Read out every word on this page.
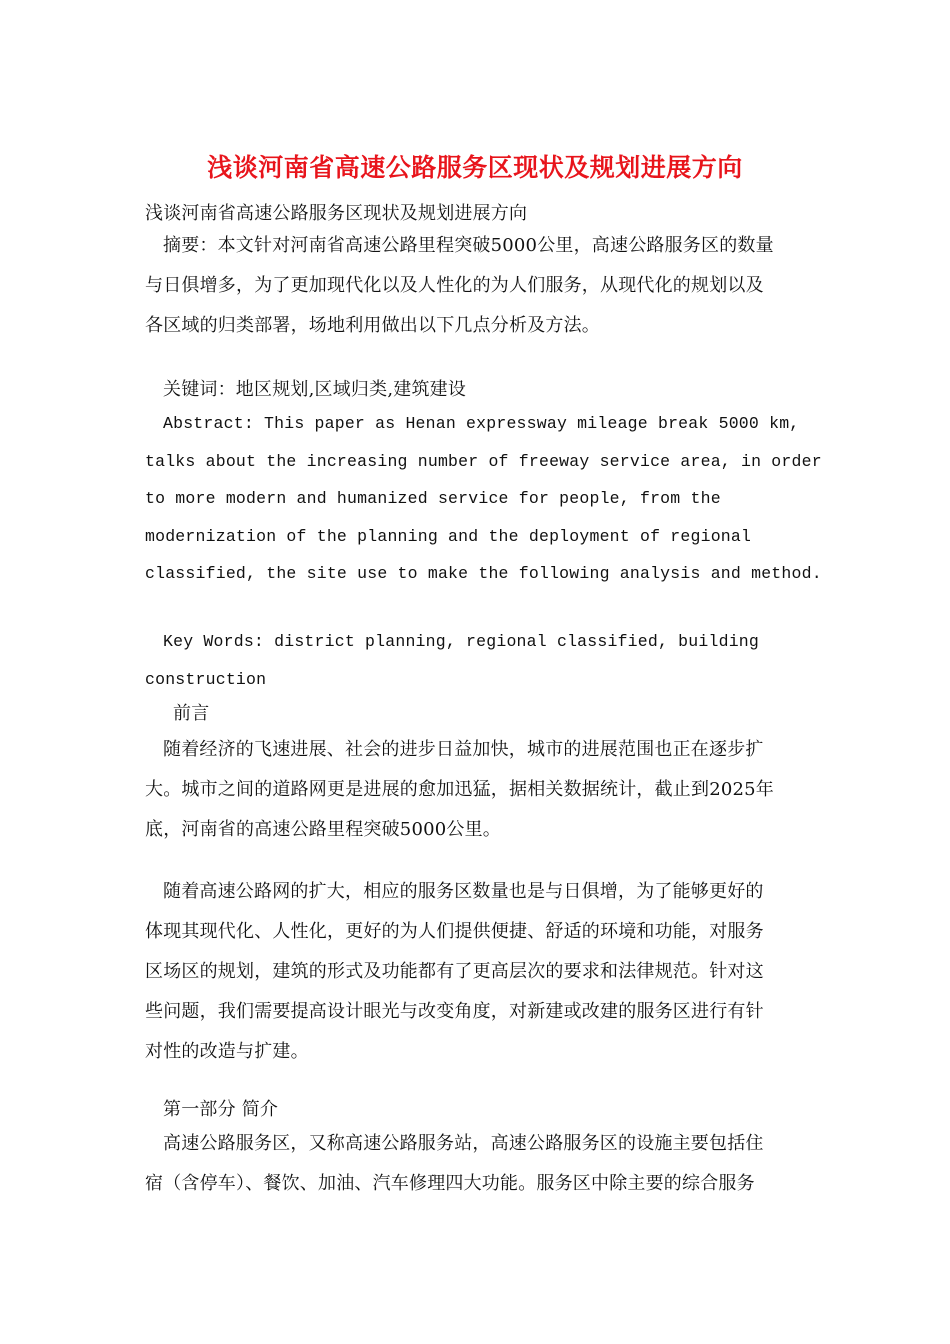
浅谈河南省高速公路服务区现状及规划进展方向
浅谈河南省高速公路服务区现状及规划进展方向
摘要：本文针对河南省高速公路里程突破5000公里，高速公路服务区的数量
与日俱增多，为了更加现代化以及人性化的为人们服务，从现代化的规划以及
各区域的归类部署，场地利用做出以下几点分析及方法。
关键词：地区规划,区域归类,建筑建设
Abstract: This paper as Henan expressway mileage break 5000 km,
talks about the increasing number of freeway service area, in order
to more modern and humanized service for people, from the
modernization of the planning and the deployment of regional
classified, the site use to make the following analysis and method.
Key Words: district planning, regional classified, building
construction
前言
随着经济的飞速进展、社会的进步日益加快，城市的进展范围也正在逐步扩
大。城市之间的道路网更是进展的愈加迅猛，据相关数据统计，截止到2025年
底，河南省的高速公路里程突破5000公里。
随着高速公路网的扩大，相应的服务区数量也是与日俱增，为了能够更好的
体现其现代化、人性化，更好的为人们提供便捷、舒适的环境和功能，对服务
区场区的规划，建筑的形式及功能都有了更高层次的要求和法律规范。针对这
些问题，我们需要提高设计眼光与改变角度，对新建或改建的服务区进行有针
对性的改造与扩建。
第一部分 简介
高速公路服务区，又称高速公路服务站，高速公路服务区的设施主要包括住
宿（含停车）、餐饮、加油、汽车修理四大功能。服务区中除主要的综合服务
